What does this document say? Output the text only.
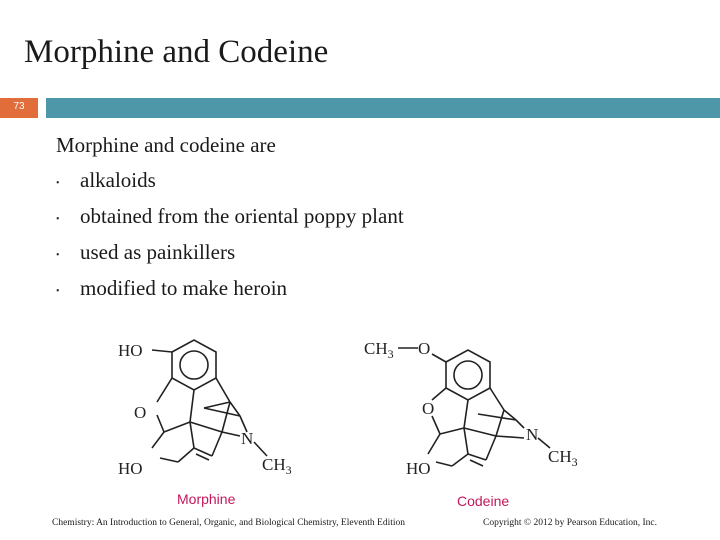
Morphine and Codeine
73
Morphine and codeine are
• alkaloids
• obtained from the oriental poppy plant
• used as painkillers
• modified to make heroin
HO
O
N
$CH_3$
HO
Morphine
$CH_3$ O
O
N
$CH_3$
HO
Codeine
Chemistry: An Introduction to General, Organic, and Biological Chemistry, Eleventh Edition	Copyright © 2012 by Pearson Education, Inc.
